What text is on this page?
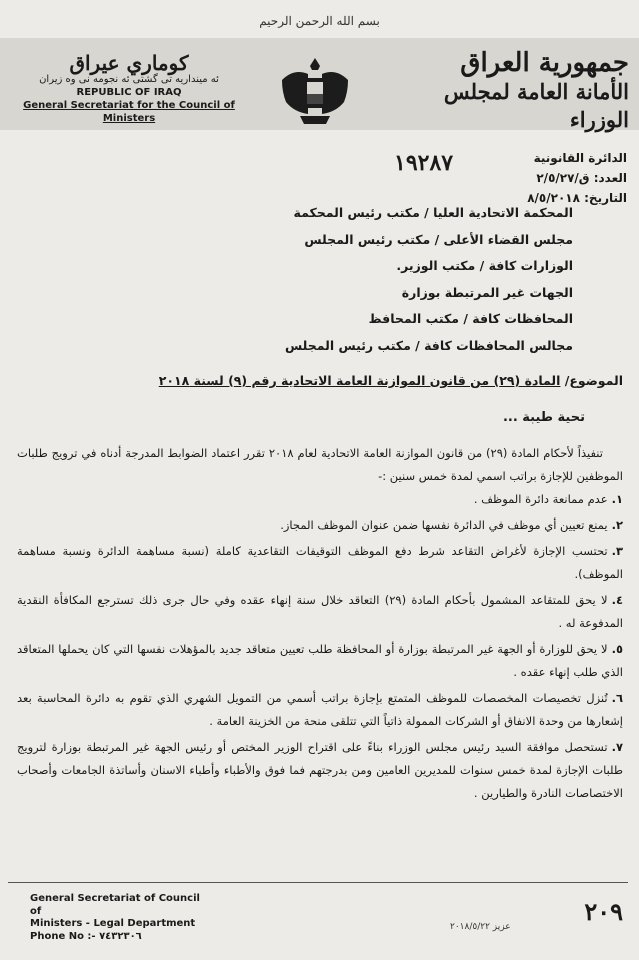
بسم الله الرحمن الرحيم
جمهورية العراق
الأمانة العامة لمجلس الوزراء
كوماري عيراق
ئه مينداريه تى گشتى ئه نجومه نى وه زيران
REPUBLIC OF IRAQ
General Secretariat for the Council of Ministers
١٩٢٨٧	الدائرة القانونية
العدد: ق/٢/٥/٢٧
التاريخ: ٨/٥/٢٠١٨
المحكمة الاتحادية العليا / مكتب رئيس المحكمة
مجلس القضاء الأعلى / مكتب رئيس المجلس
الوزارات كافة / مكتب الوزير.
الجهات غير المرتبطة بوزارة
المحافظات كافة / مكتب المحافظ
مجالس المحافظات كافة / مكتب رئيس المجلس
الموضوع/ المادة (٢٩) من قانون الموازنة العامة الاتحادية رقم (٩) لسنة ٢٠١٨
تحية طيبة ...

تنفيذاً لأحكام المادة (٢٩) من قانون الموازنة العامة الاتحادية لعام ٢٠١٨ تقرر اعتماد الضوابط المدرجة أدناه في ترويج طلبات الموظفين للإجازة براتب اسمي لمدة خمس سنين :-

١.عدم ممانعة دائرة الموظف .
٢.يمنع تعيين أي موظف في الدائرة نفسها ضمن عنوان الموظف المجاز.
٣.تحتسب الإجازة لأغراض التقاعد شرط دفع الموظف التوقيفات التقاعدية كاملة (نسبة مساهمة الدائرة ونسبة مساهمة الموظف).
٤.لا يحق للمتقاعد المشمول بأحكام المادة (٢٩) التعاقد خلال سنة إنهاء عقده وفي حال جرى ذلك تسترجع المكافأة النقدية المدفوعة له .
٥.لا يحق للوزارة أو الجهة غير المرتبطة بوزارة أو المحافظة طلب تعيين متعاقد جديد بالمؤهلات نفسها التي كان يحملها المتعاقد الذي طلب إنهاء عقده .
٦.تُنزل تخصيصات المخصصات للموظف المتمتع بإجازة براتب أسمي من التمويل الشهري الذي تقوم به دائرة المحاسبة بعد إشعارها من وحدة الانفاق أو الشركات الممولة ذاتياً التي تتلقى منحة من الخزينة العامة .
٧.تستحصل موافقة السيد رئيس مجلس الوزراء بناءً على اقتراح الوزير المختص أو رئيس الجهة غير المرتبطة بوزارة لترويج طلبات الإجازة لمدة خمس سنوات للمديرين العامين ومن بدرجتهم فما فوق والأطباء وأطباء الاسنان وأساتذة الجامعات وأصحاب الاختصاصات النادرة والطيارين .
General Secretariat of Council of
Ministers - Legal Department
Phone No :- ٧٤٣٢٣٠٦
٢٠٩
عزيز ٢٠١٨/٥/٢٢
